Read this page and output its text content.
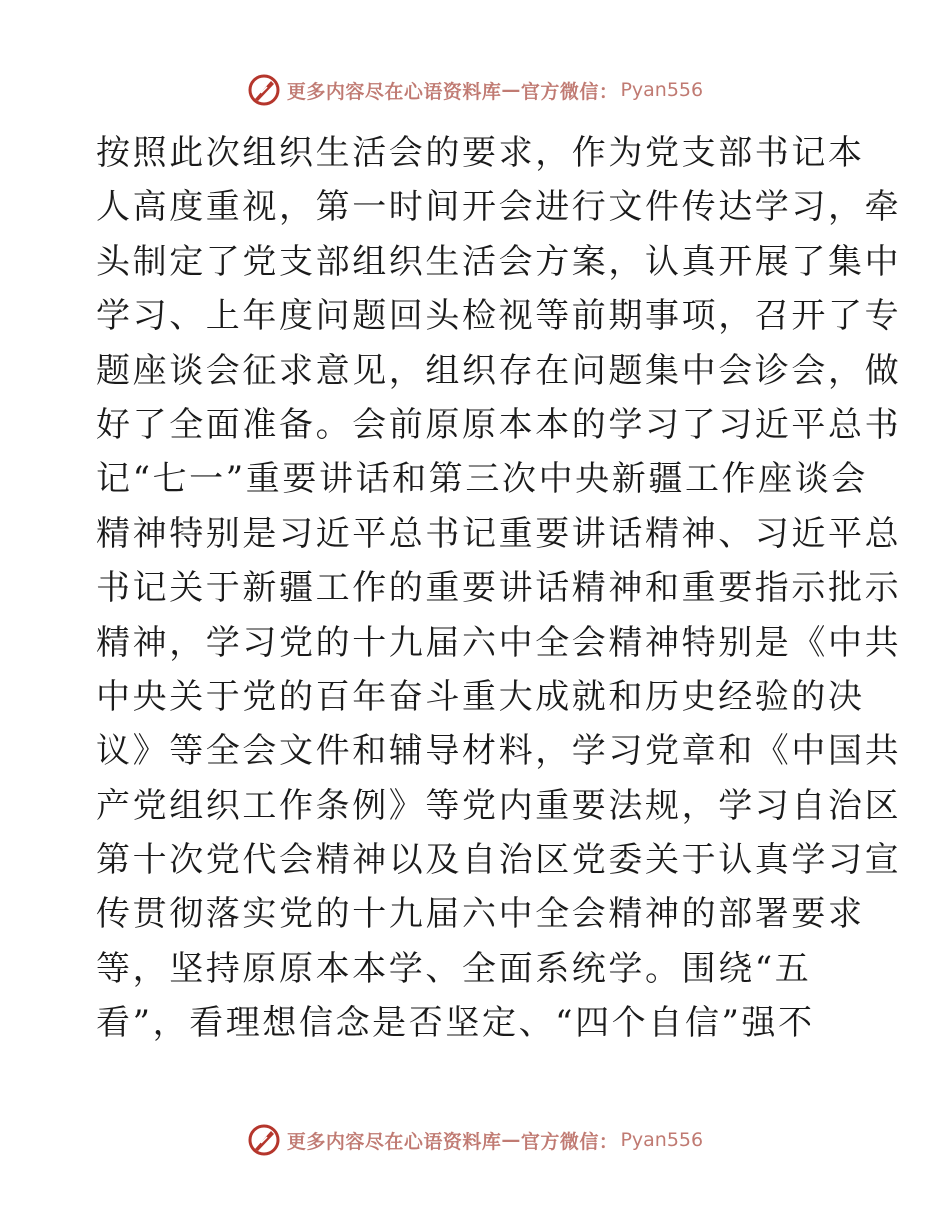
更多内容尽在心语资料库 — 官方微信： Pyan556
按照此次组织生活会的要求，作为党支部书记本
人高度重视，第一时间开会进行文件传达学习，牵
头制定了党支部组织生活会方案，认真开展了集中
学习、上年度问题回头检视等前期事项，召开了专
题座谈会征求意见，组织存在问题集中会诊会，做
好了全面准备。会前原原本本的学习了习近平总书
记“七一”重要讲话和第三次中央新疆工作座谈会
精神特别是习近平总书记重要讲话精神、习近平总
书记关于新疆工作的重要讲话精神和重要指示批示
精神，学习党的十九届六中全会精神特别是《中共
中央关于党的百年奋斗重大成就和历史经验的决
议》等全会文件和辅导材料，学习党章和《中国共
产党组织工作条例》等党内重要法规，学习自治区
第十次党代会精神以及自治区党委关于认真学习宣
传贯彻落实党的十九届六中全会精神的部署要求
等，坚持原原本本学、全面系统学。围绕“五
看”，看理想信念是否坚定、“四个自信”强不
更多内容尽在心语资料库 — 官方微信： Pyan556
